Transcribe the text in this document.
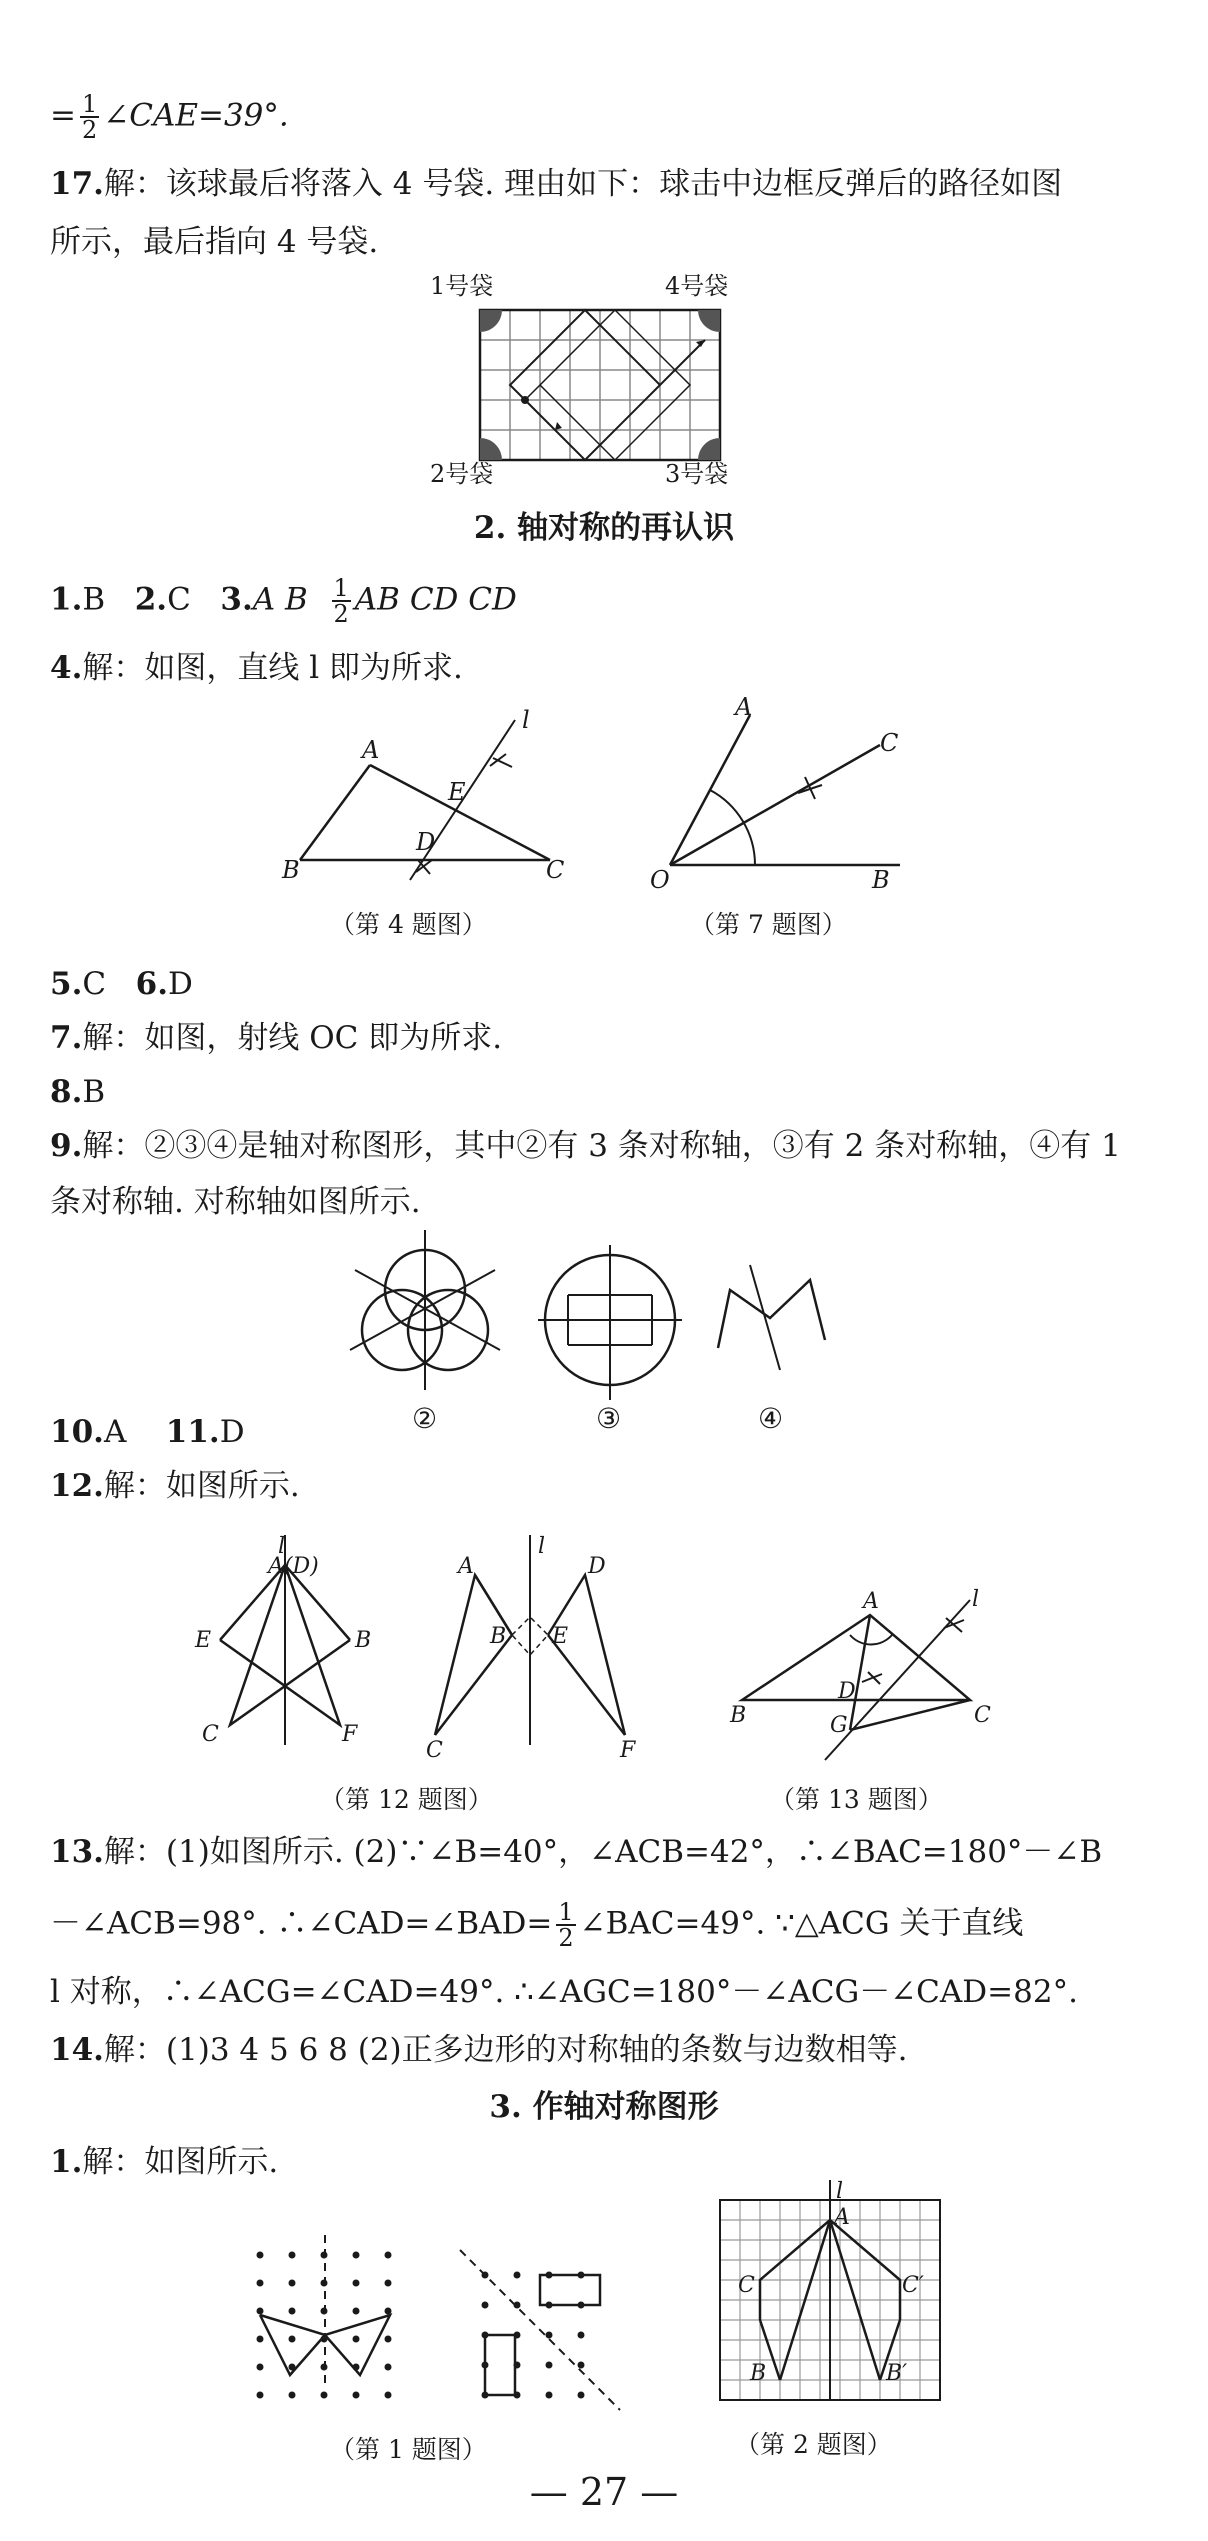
= $\frac{1}{2}$ ∠CAE=39°.
17.解：该球最后将落入 4 号袋. 理由如下：球击中边框反弹后的路径如图
所示，最后指向 4 号袋.
1号袋	4号袋
2号袋	3号袋
2. 轴对称的再认识
1.B 2.C 3.A B $\frac{1}{2}$ AB CD CD
4.解：如图，直线 l 即为所求.
A
B	C
D
E
l
（第 4 题图）
A
O	B
C
（第 7 题图）
5.C 6.D
7.解：如图，射线 OC 即为所求.
8.B
9.解：②③④是轴对称图形，其中②有 3 条对称轴，③有 2 条对称轴，④有 1
条对称轴. 对称轴如图所示.
②	③	④
10.A 11.D
12.解：如图所示.
l
A(D)
E	B
C	F
A	D
B E
C	F
l
（第 12 题图）
A	l
D
G
B	C
（第 13 题图）
13.解：(1)如图所示. (2)∵∠B=40°，∠ACB=42°，∴∠BAC=180°－∠B
－∠ACB=98°. ∴∠CAD=∠BAD= $\frac{1}{2}$ ∠BAC=49°. ∵△ACG 关于直线
l 对称，∴∠ACG=∠CAD=49°. ∴∠AGC=180°－∠ACG－∠CAD=82°.
14.解：(1)3 4 5 6 8 (2)正多边形的对称轴的条数与边数相等.
3. 作轴对称图形
1.解：如图所示.
（第 1 题图）
l
A
C	C′
B	B′
（第 2 题图）
— 27 —
